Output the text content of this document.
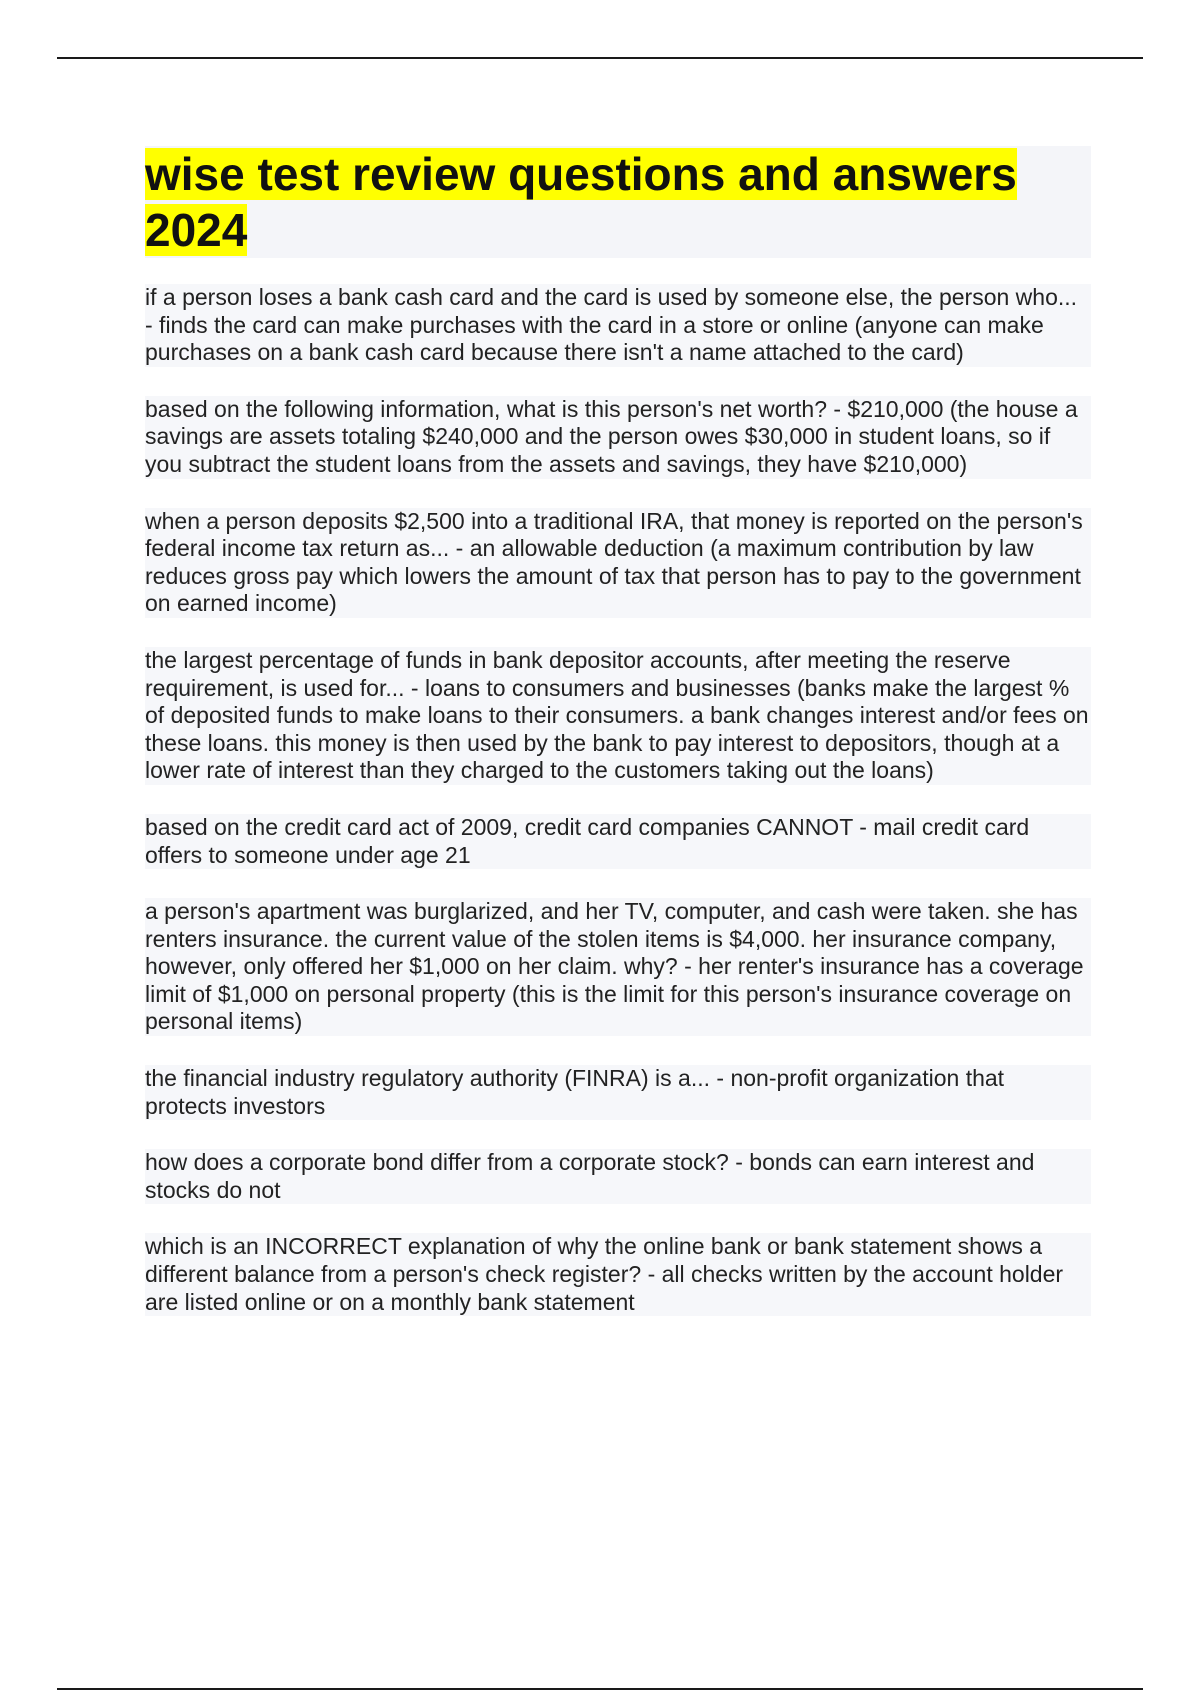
wise test review questions and answers 2024

if a person loses a bank cash card and the card is used by someone else, the person who... - finds the card can make purchases with the card in a store or online (anyone can make purchases on a bank cash card because there isn't a name attached to the card)

based on the following information, what is this person's net worth? - $210,000 (the house a savings are assets totaling $240,000 and the person owes $30,000 in student loans, so if you subtract the student loans from the assets and savings, they have $210,000)

when a person deposits $2,500 into a traditional IRA, that money is reported on the person's federal income tax return as... - an allowable deduction (a maximum contribution by law reduces gross pay which lowers the amount of tax that person has to pay to the government on earned income)

the largest percentage of funds in bank depositor accounts, after meeting the reserve requirement, is used for... - loans to consumers and businesses (banks make the largest % of deposited funds to make loans to their consumers. a bank changes interest and/or fees on these loans. this money is then used by the bank to pay interest to depositors, though at a lower rate of interest than they charged to the customers taking out the loans)

based on the credit card act of 2009, credit card companies CANNOT - mail credit card offers to someone under age 21

a person's apartment was burglarized, and her TV, computer, and cash were taken. she has renters insurance. the current value of the stolen items is $4,000. her insurance company, however, only offered her $1,000 on her claim. why? - her renter's insurance has a coverage limit of $1,000 on personal property (this is the limit for this person's insurance coverage on personal items)

the financial industry regulatory authority (FINRA) is a... - non-profit organization that protects investors

how does a corporate bond differ from a corporate stock? - bonds can earn interest and stocks do not

which is an INCORRECT explanation of why the online bank or bank statement shows a different balance from a person's check register? - all checks written by the account holder are listed online or on a monthly bank statement
